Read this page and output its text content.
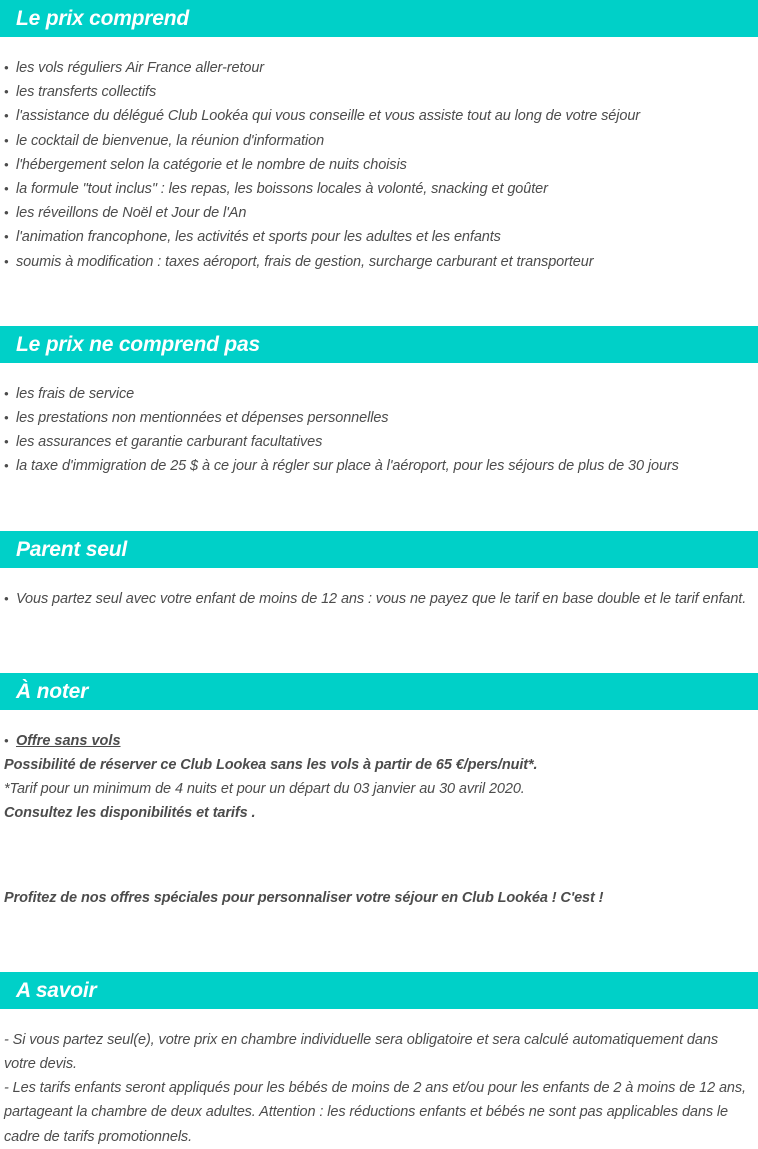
Le prix comprend
• les vols réguliers Air France aller-retour
• les transferts collectifs
• l'assistance du délégué Club Lookéa qui vous conseille et vous assiste tout au long de votre séjour
• le cocktail de bienvenue, la réunion d'information
• l'hébergement selon la catégorie et le nombre de nuits choisis
• la formule "tout inclus" : les repas, les boissons locales à volonté, snacking et goûter
• les réveillons de Noël et Jour de l'An
• l'animation francophone, les activités et sports pour les adultes et les enfants
• soumis à modification : taxes aéroport, frais de gestion, surcharge carburant et transporteur
Le prix ne comprend pas
• les frais de service
• les prestations non mentionnées et dépenses personnelles
• les assurances et garantie carburant facultatives
• la taxe d'immigration de 25 $ à ce jour à régler sur place à l'aéroport, pour les séjours de plus de 30 jours
Parent seul
• Vous partez seul avec votre enfant de moins de 12 ans : vous ne payez que le tarif en base double et le tarif enfant.
À noter
• Offre sans vols
Possibilité de réserver ce Club Lookea sans les vols à partir de 65 €/pers/nuit*.
*Tarif pour un minimum de 4 nuits et pour un départ du 03 janvier au 30 avril 2020.
Consultez les disponibilités et tarifs .
Profitez de nos offres spéciales pour personnaliser votre séjour en Club Lookéa ! C'est !
A savoir

- Si vous partez seul(e), votre prix en chambre individuelle sera obligatoire et sera calculé automatiquement dans votre devis.

- Les tarifs enfants seront appliqués pour les bébés de moins de 2 ans et/ou pour les enfants de 2 à moins de 12 ans, partageant la chambre de deux adultes. Attention : les réductions enfants et bébés ne sont pas applicables dans le cadre de tarifs promotionnels.
